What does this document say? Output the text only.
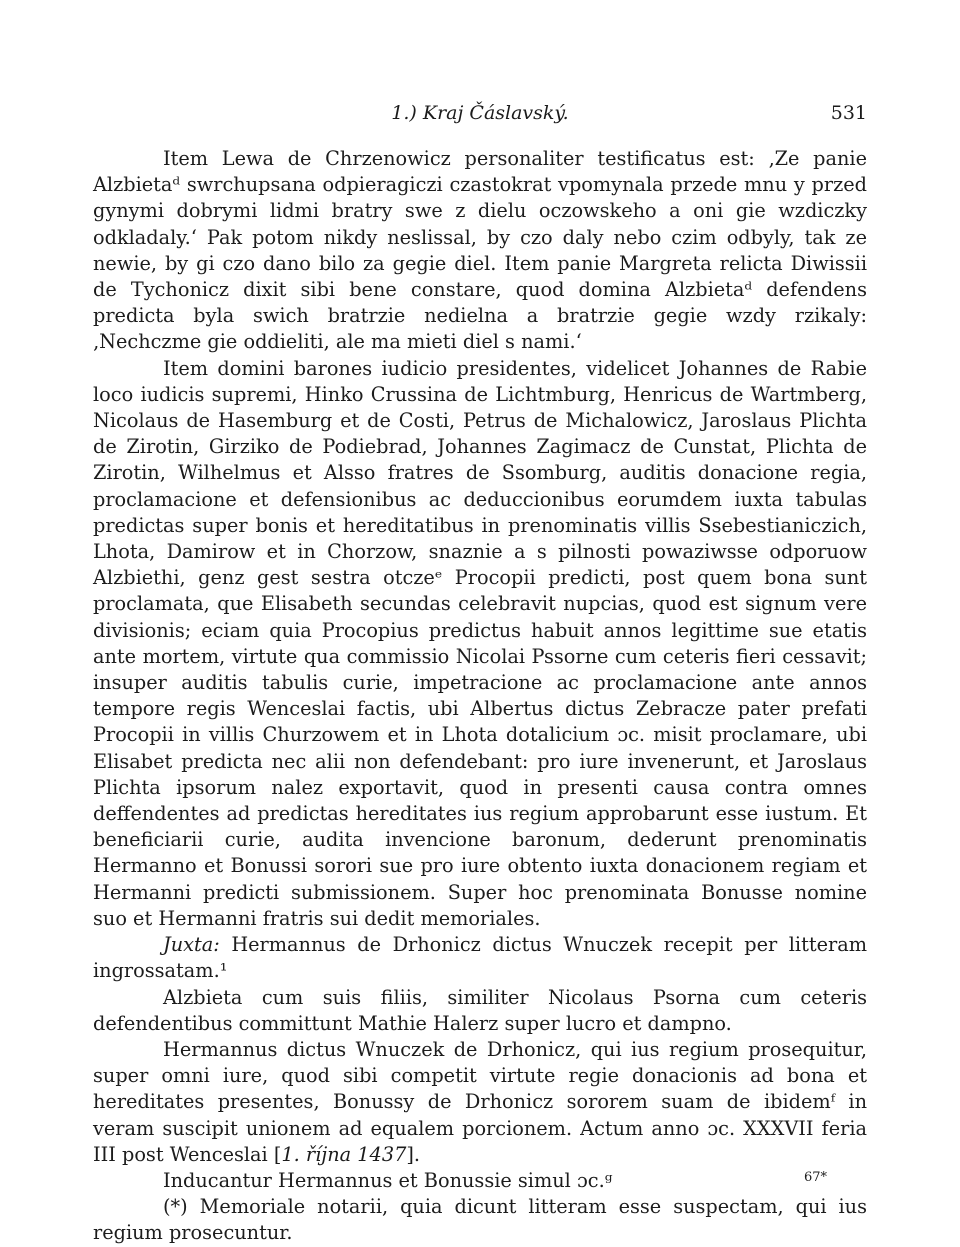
1.) Kraj Čáslavský.	531

Item Lewa de Chrzenowicz personaliter testificatus est: ‚Ze panie Alzbietaᵈ swrchupsana odpieragiczi czastokrat vpomynala przede mnu y przed gynymi dobrymi lidmi bratry swe z dielu oczowskeho a oni gie wzdiczky odkladaly.‘ Pak potom nikdy neslissal, by czo daly nebo czim odbyly, tak ze newie, by gi czo dano bilo za gegie diel. Item panie Margreta relicta Diwissii de Tychonicz dixit sibi bene constare, quod domina Alzbietaᵈ defendens predicta byla swich bratrzie nedielna a bratrzie gegie wzdy rzikaly: ‚Nechczme gie oddieliti, ale ma mieti diel s nami.‘

Item domini barones iudicio presidentes, videlicet Johannes de Rabie loco iudicis supremi, Hinko Crussina de Lichtmburg, Henricus de Wartmberg, Nicolaus de Hasemburg et de Costi, Petrus de Michalowicz, Jaroslaus Plichta de Zirotin, Girziko de Podiebrad, Johannes Zagimacz de Cunstat, Plichta de Zirotin, Wilhelmus et Alsso fratres de Ssomburg, auditis donacione regia, proclamacione et defensionibus ac deduccionibus eorumdem iuxta tabulas predictas super bonis et hereditatibus in prenominatis villis Ssebestianiczich, Lhota, Damirow et in Chorzow, snaznie a s pilnosti powaziwsse odporuow Alzbiethi, genz gest sestra otczeᵉ Procopii predicti, post quem bona sunt proclamata, que Elisabeth secundas celebravit nupcias, quod est signum vere divisionis; eciam quia Procopius predictus habuit annos legittime sue etatis ante mortem, virtute qua commissio Nicolai Pssorne cum ceteris fieri cessavit; insuper auditis tabulis curie, impetracione ac proclamacione ante annos tempore regis Wenceslai factis, ubi Albertus dictus Zebracze pater prefati Procopii in villis Churzowem et in Lhota dotalicium ɔc. misit proclamare, ubi Elisabet predicta nec alii non defendebant: pro iure invenerunt, et Jaroslaus Plichta ipsorum nalez exportavit, quod in presenti causa contra omnes deffendentes ad predictas hereditates ius regium approbarunt esse iustum. Et beneficiarii curie, audita invencione baronum, dederunt prenominatis Hermanno et Bonussi sorori sue pro iure obtento iuxta donacionem regiam et Hermanni predicti submissionem. Super hoc prenominata Bonusse nomine suo et Hermanni fratris sui dedit memoriales.

Juxta: Hermannus de Drhonicz dictus Wnuczek recepit per litteram ingrossatam.¹

Alzbieta cum suis filiis, similiter Nicolaus Psorna cum ceteris defendentibus committunt Mathie Halerz super lucro et dampno.

Hermannus dictus Wnuczek de Drhonicz, qui ius regium prosequitur, super omni iure, quod sibi competit virtute regie donacionis ad bona et hereditates presentes, Bonussy de Drhonicz sororem suam de ibidemᶠ in veram suscipit unionem ad equalem porcionem. Actum anno ɔc. XXXVII feria III post Wenceslai [1. října 1437].

Inducantur Hermannus et Bonussie simul ɔc.ᵍ

(*) Memoriale notarii, quia dicunt litteram esse suspectam, qui ius regium prosecuntur.

67*
